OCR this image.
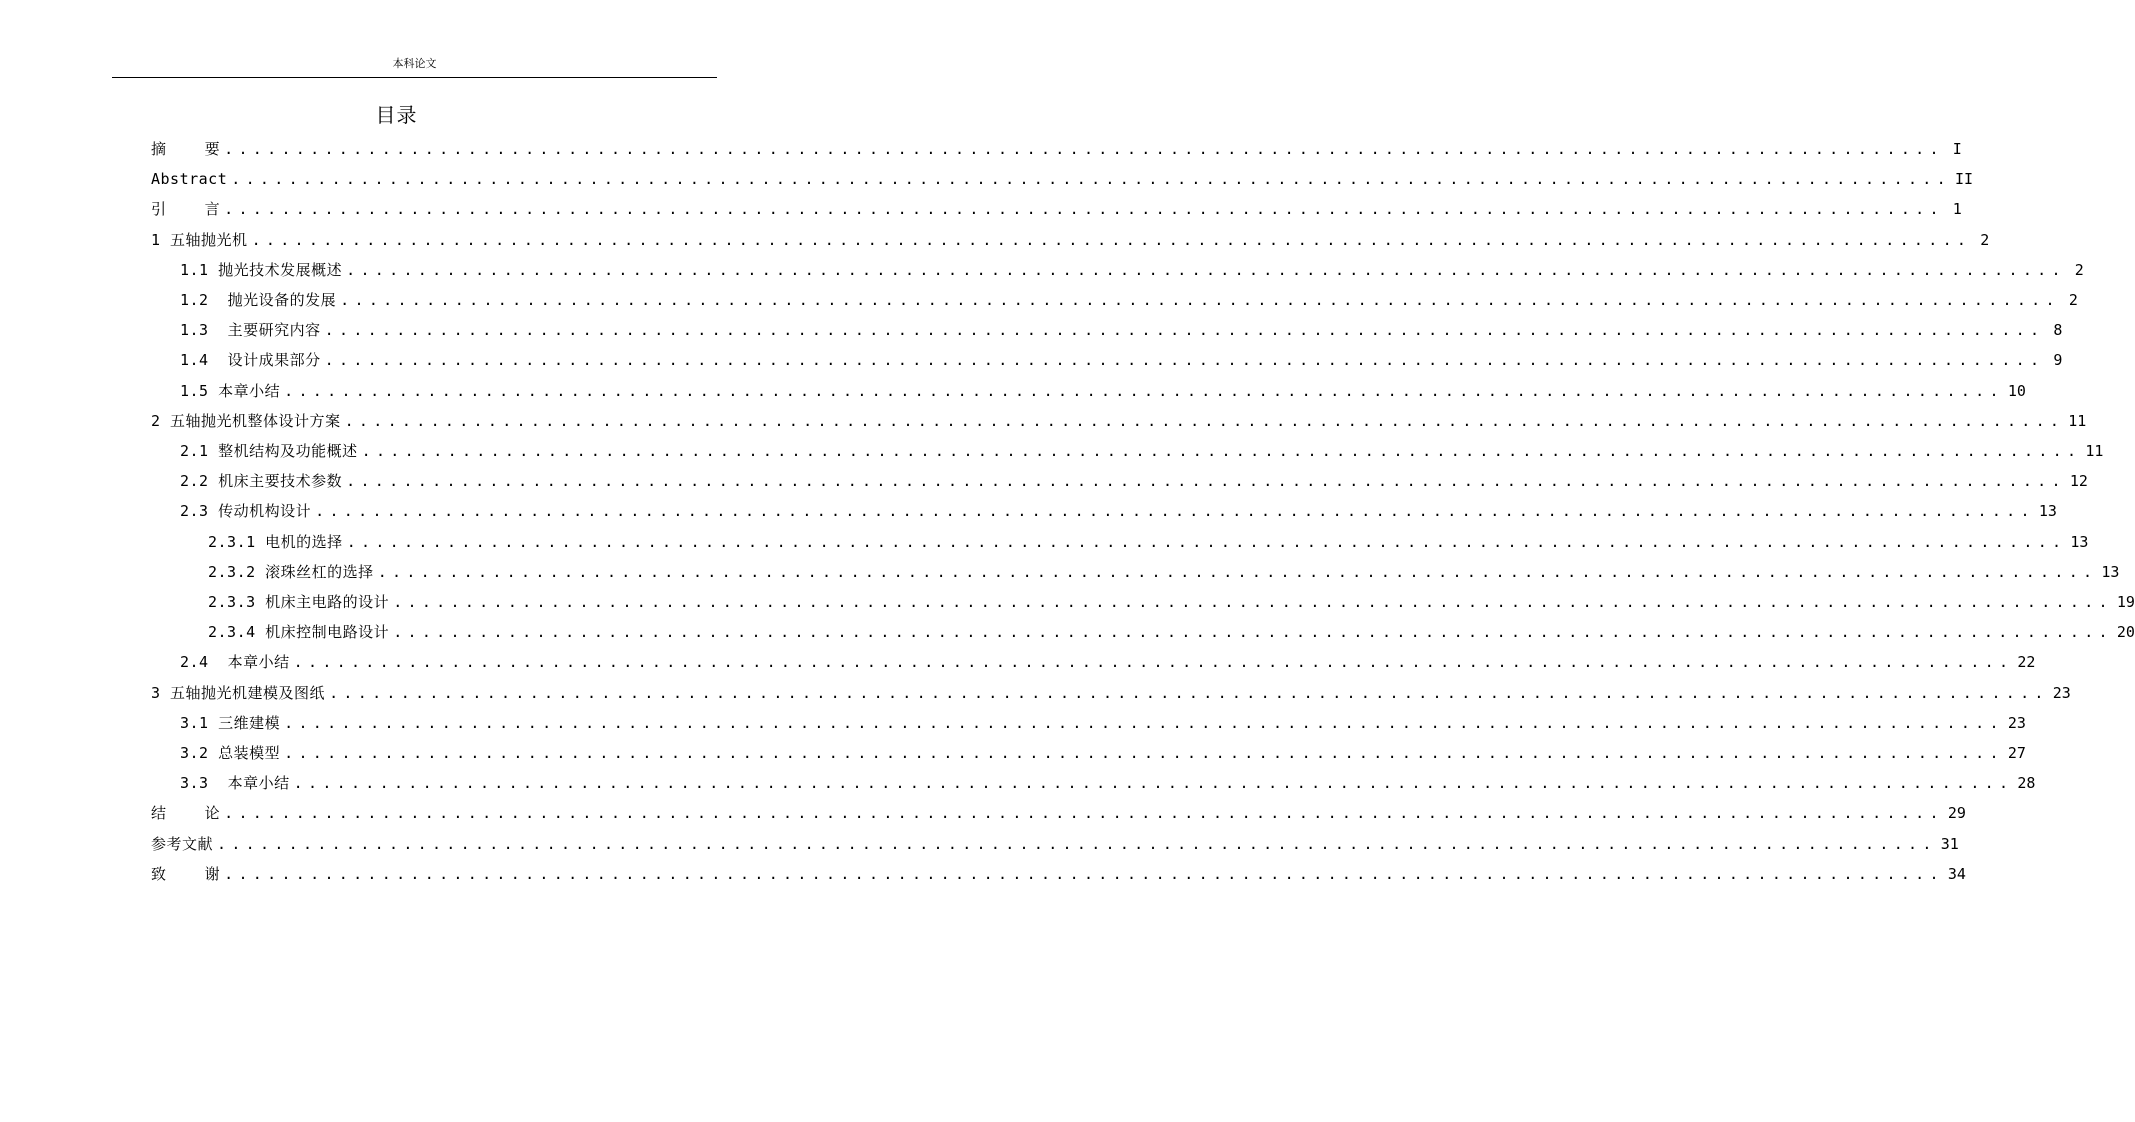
本科论文
目录
摘    要 ........................................................................................................................ I
Abstract ........................................................................................................................ II
引    言 ........................................................................................................................ 1
1 五轴抛光机 ........................................................................................................................ 2
1.1 抛光技术发展概述 ........................................................................................................................ 2
1.2  抛光设备的发展 ........................................................................................................................ 2
1.3  主要研究内容 ........................................................................................................................ 8
1.4  设计成果部分 ........................................................................................................................ 9
1.5 本章小结 ........................................................................................................................ 10
2 五轴抛光机整体设计方案 ........................................................................................................................ 11
2.1 整机结构及功能概述 ........................................................................................................................ 11
2.2 机床主要技术参数 ........................................................................................................................ 12
2.3 传动机构设计 ........................................................................................................................ 13
2.3.1 电机的选择 ........................................................................................................................ 13
2.3.2 滚珠丝杠的选择 ........................................................................................................................ 13
2.3.3 机床主电路的设计 ........................................................................................................................ 19
2.3.4 机床控制电路设计 ........................................................................................................................ 20
2.4  本章小结 ........................................................................................................................ 22
3 五轴抛光机建模及图纸 ........................................................................................................................ 23
3.1 三维建模 ........................................................................................................................ 23
3.2 总装模型 ........................................................................................................................ 27
3.3  本章小结 ........................................................................................................................ 28
结    论 ........................................................................................................................ 29
参考文献 ........................................................................................................................ 31
致    谢 ........................................................................................................................ 34
